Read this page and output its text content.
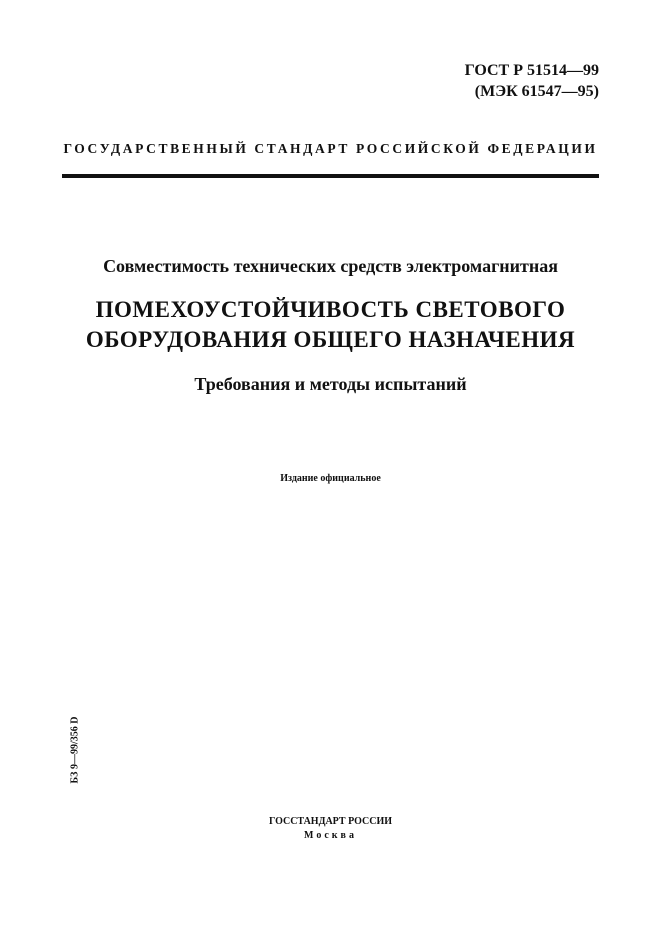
ГОСТ Р 51514—99
(МЭК 61547—95)
ГОСУДАРСТВЕННЫЙ СТАНДАРТ РОССИЙСКОЙ ФЕДЕРАЦИИ

Совместимость технических средств электромагнитная

ПОМЕХОУСТОЙЧИВОСТЬ СВЕТОВОГО
ОБОРУДОВАНИЯ ОБЩЕГО НАЗНАЧЕНИЯ

Требования и методы испытаний

Издание официальное
БЗ 9—99/356 D
ГОССТАНДАРТ РОССИИ
Москва
